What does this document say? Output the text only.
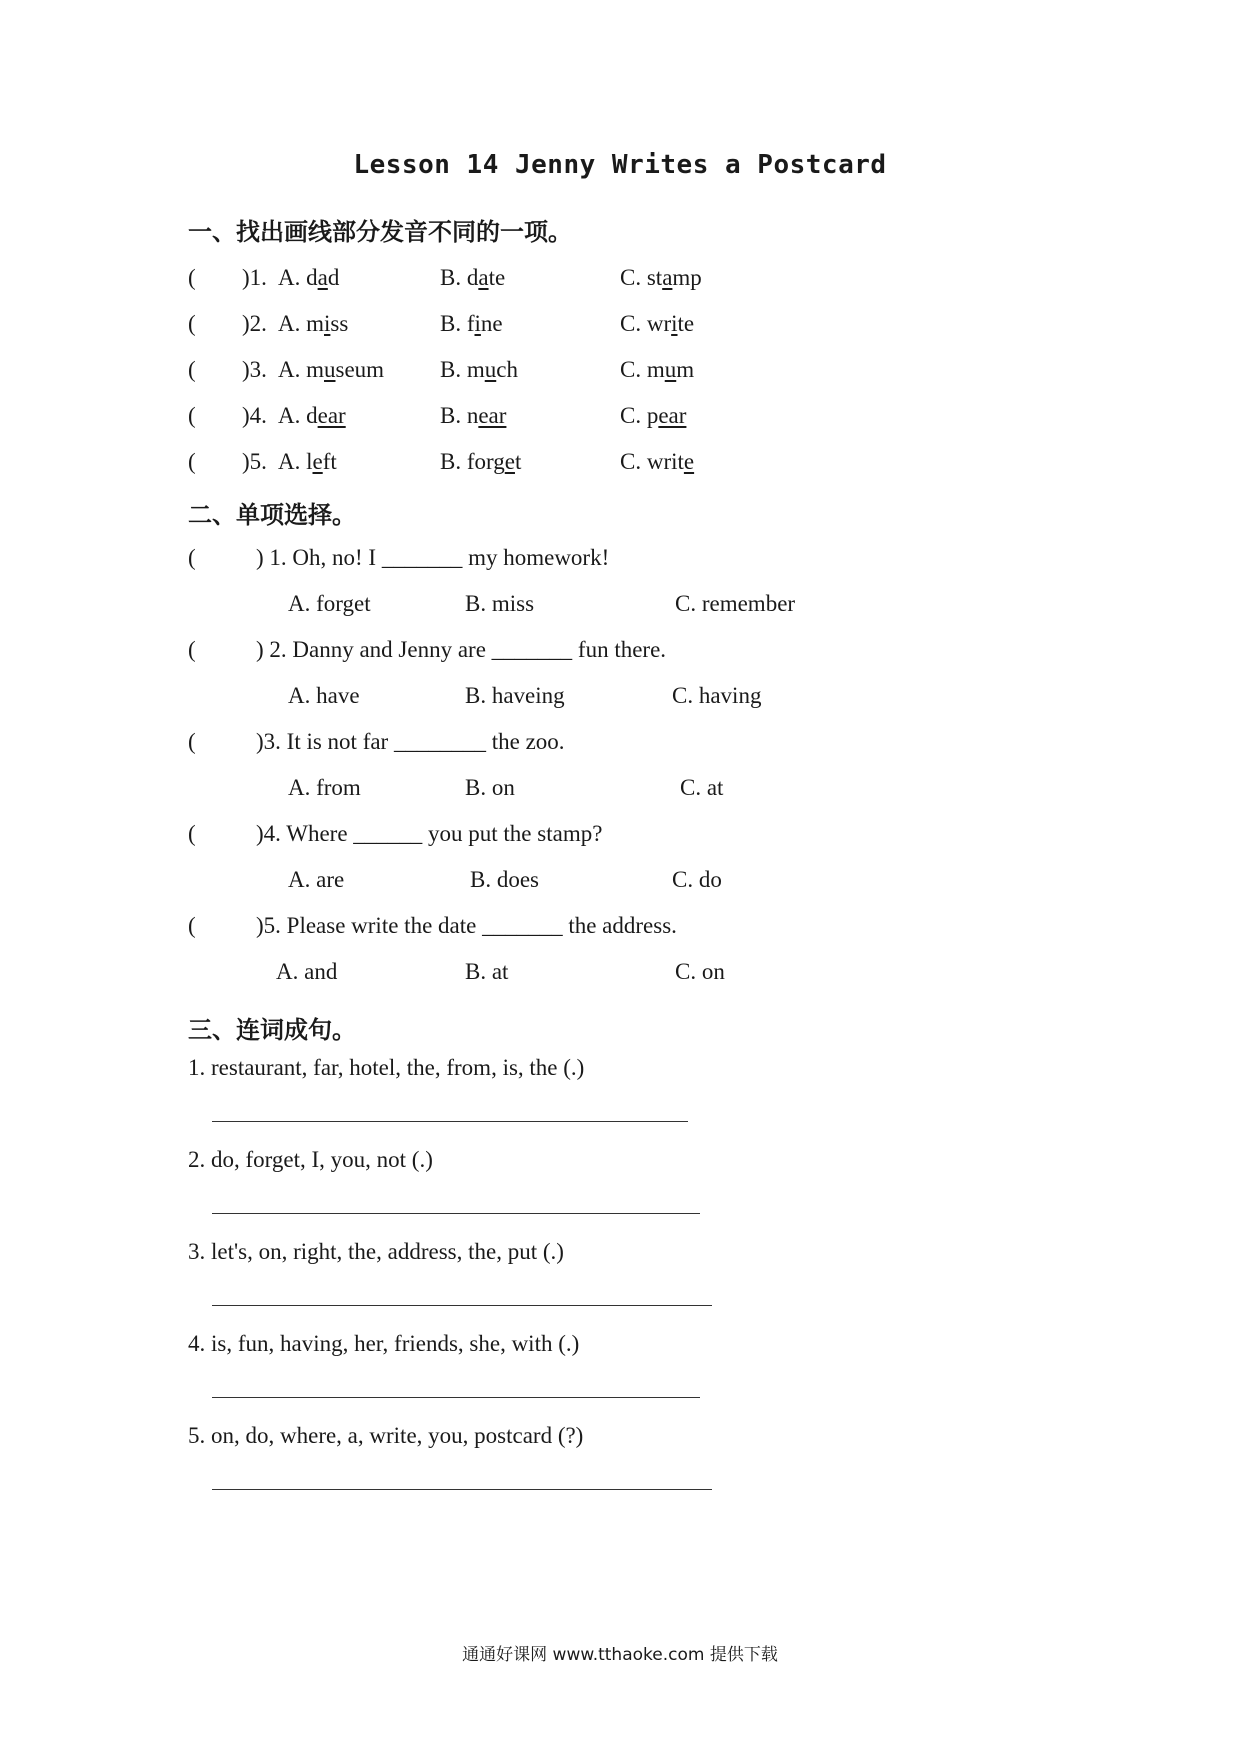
Lesson 14 Jenny Writes a Postcard
一、找出画线部分发音不同的一项。
( )1. A. dad	B. date	C. stamp
( )2. A. miss	B. fine	C. write
( )3. A. museum B. much	C. mum
( )4. A. dear	B. near	C. pear
( )5. A. left	B. forget	C. write
二、单项选择。
(	) 1. Oh, no! I _______ my homework!
A. forget	B. miss	C. remember
(	) 2. Danny and Jenny are _______ fun there.
A. have	B. haveing	C. having
(	)3. It is not far ________ the zoo.
A. from	B. on	C. at
(	)4. Where ______ you put the stamp?
A. are	B. does	C. do
(	)5. Please write the date _______ the address.
A. and	B. at	C. on
三、连词成句。
1. restaurant, far, hotel, the, from, is, the (.)
2. do, forget, I, you, not (.)
3. let's, on, right, the, address, the, put (.)
4. is, fun, having, her, friends, she, with (.)
5. on, do, where, a, write, you, postcard (?)
通通好课网 www.tthaoke.com 提供下载
